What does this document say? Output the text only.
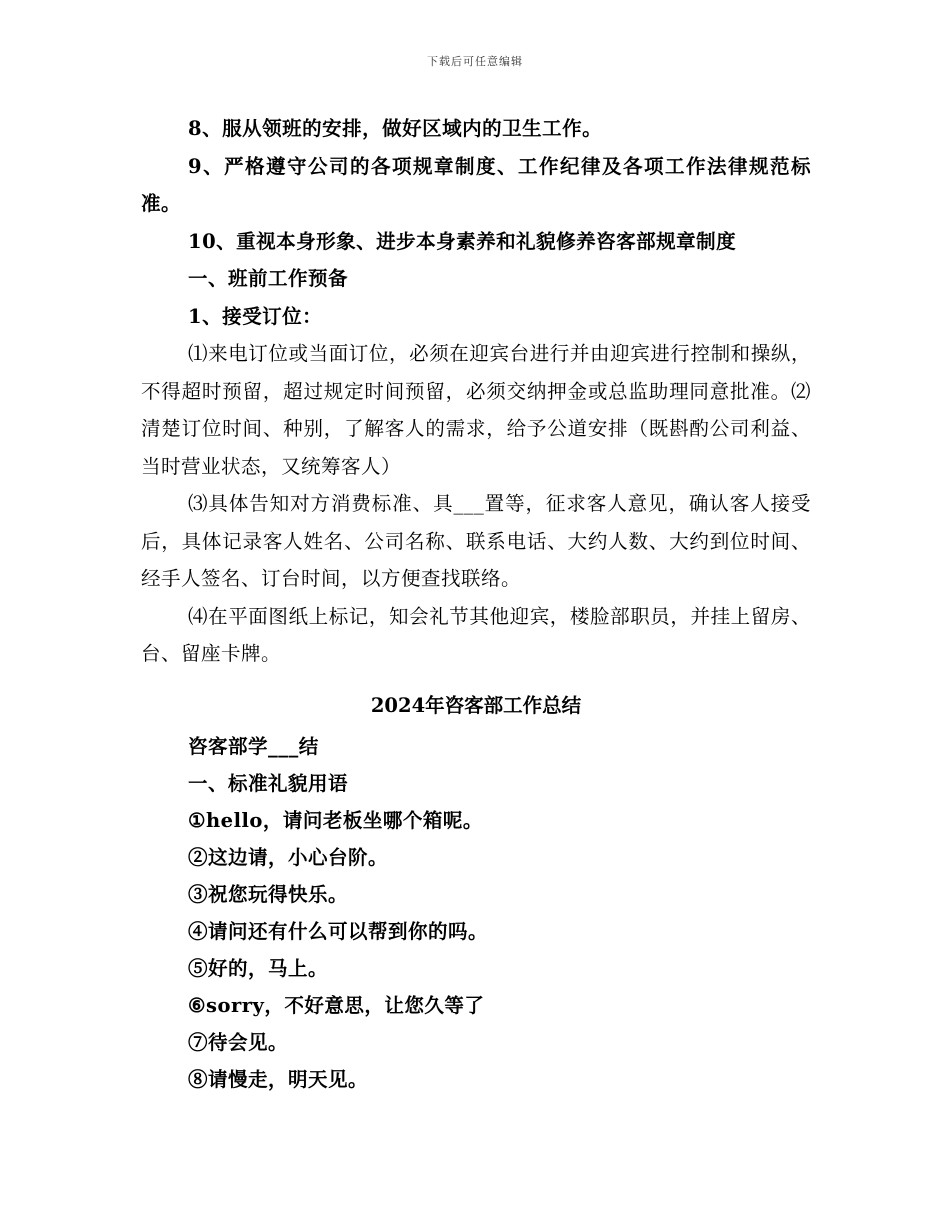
下载后可任意编辑

8、服从领班的安排，做好区域内的卫生工作。

9、严格遵守公司的各项规章制度、工作纪律及各项工作法律规范标准。

10、重视本身形象、进步本身素养和礼貌修养咨客部规章制度

一、班前工作预备

1、接受订位：

⑴来电订位或当面订位，必须在迎宾台进行并由迎宾进行控制和操纵，不得超时预留，超过规定时间预留，必须交纳押金或总监助理同意批准。⑵清楚订位时间、种别，了解客人的需求，给予公道安排（既斟酌公司利益、当时营业状态，又统筹客人）

⑶具体告知对方消费标准、具___置等，征求客人意见，确认客人接受后，具体记录客人姓名、公司名称、联系电话、大约人数、大约到位时间、经手人签名、订台时间，以方便查找联络。

⑷在平面图纸上标记，知会礼节其他迎宾，楼脸部职员，并挂上留房、台、留座卡牌。

2024年咨客部工作总结

咨客部学___结

一、标准礼貌用语

①hello，请问老板坐哪个箱呢。

②这边请，小心台阶。

③祝您玩得快乐。

④请问还有什么可以帮到你的吗。

⑤好的，马上。

⑥sorry，不好意思，让您久等了

⑦待会见。

⑧请慢走，明天见。
